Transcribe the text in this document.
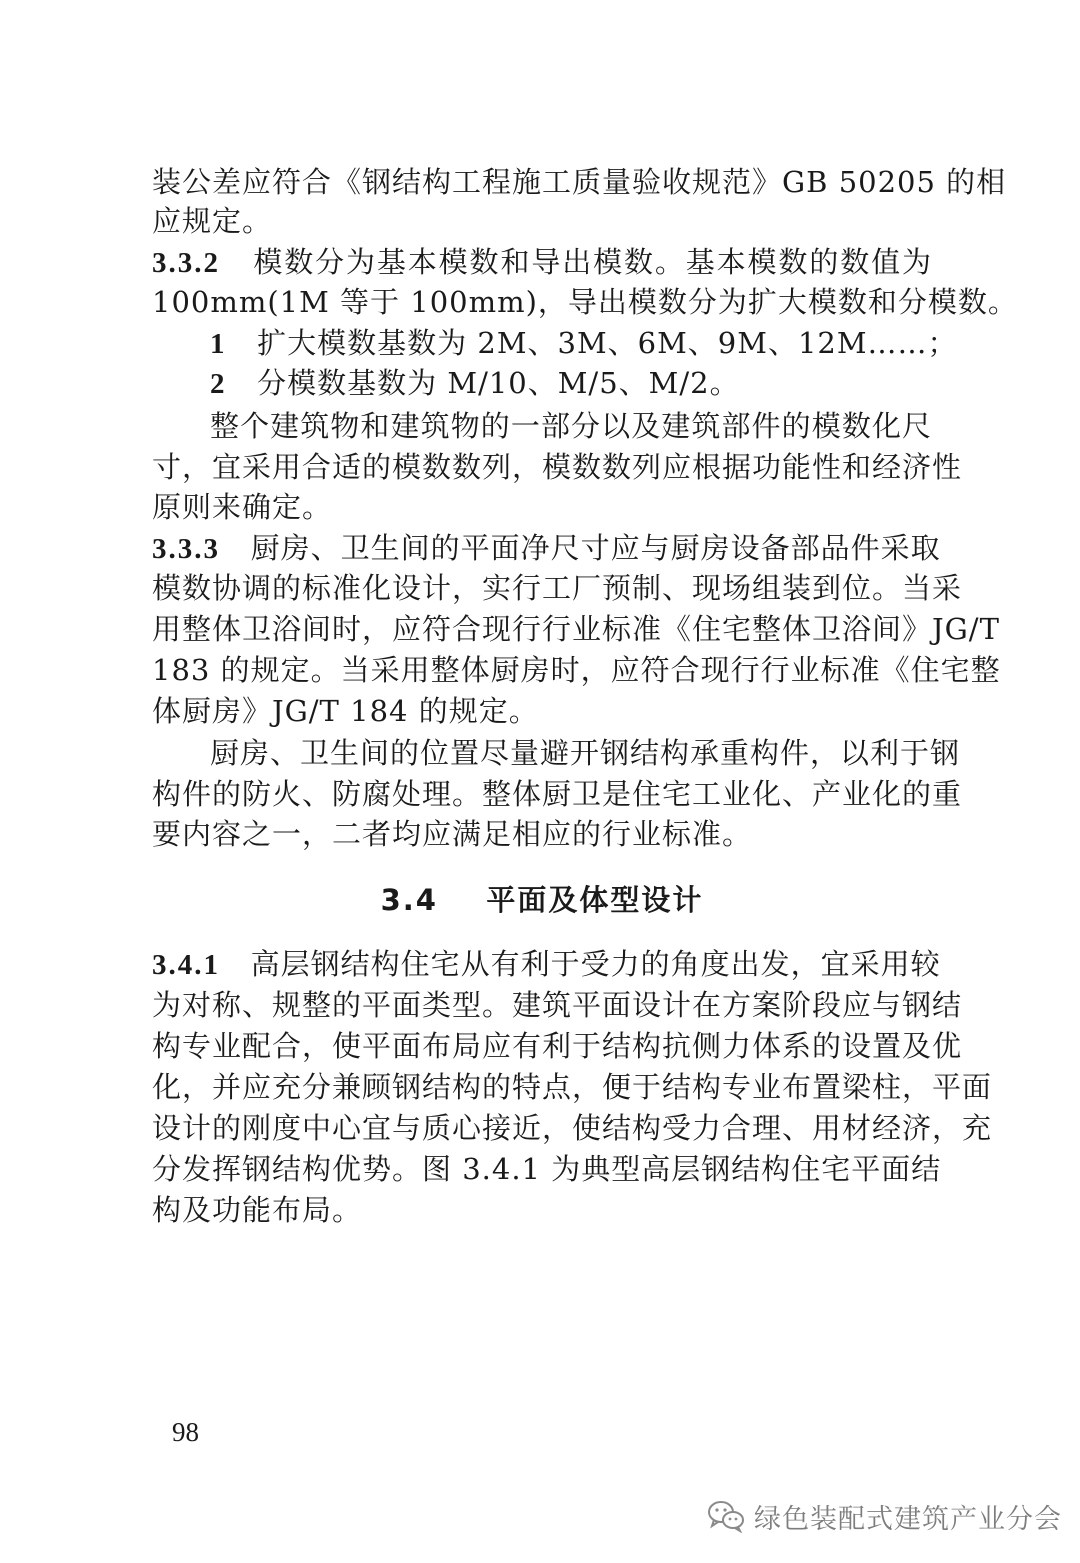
装公差应符合《钢结构工程施工质量验收规范》GB 50205 的相
应规定。
3.3.2 模数分为基本模数和导出模数。基本模数的数值为
100mm(1M 等于 100mm)，导出模数分为扩大模数和分模数。
1 扩大模数基数为 2M、3M、6M、9M、12M……；
2 分模数基数为 M/10、M/5、M/2。
整个建筑物和建筑物的一部分以及建筑部件的模数化尺
寸，宜采用合适的模数数列，模数数列应根据功能性和经济性
原则来确定。
3.3.3 厨房、卫生间的平面净尺寸应与厨房设备部品件采取
模数协调的标准化设计，实行工厂预制、现场组装到位。当采
用整体卫浴间时，应符合现行行业标准《住宅整体卫浴间》JG/T
183 的规定。当采用整体厨房时，应符合现行行业标准《住宅整
体厨房》JG/T 184 的规定。
厨房、卫生间的位置尽量避开钢结构承重构件，以利于钢
构件的防火、防腐处理。整体厨卫是住宅工业化、产业化的重
要内容之一，二者均应满足相应的行业标准。
3.4 平面及体型设计
3.4.1 高层钢结构住宅从有利于受力的角度出发，宜采用较
为对称、规整的平面类型。建筑平面设计在方案阶段应与钢结
构专业配合，使平面布局应有利于结构抗侧力体系的设置及优
化，并应充分兼顾钢结构的特点，便于结构专业布置梁柱，平面
设计的刚度中心宜与质心接近，使结构受力合理、用材经济，充
分发挥钢结构优势。图 3.4.1 为典型高层钢结构住宅平面结
构及功能布局。
98
绿色装配式建筑产业分会
